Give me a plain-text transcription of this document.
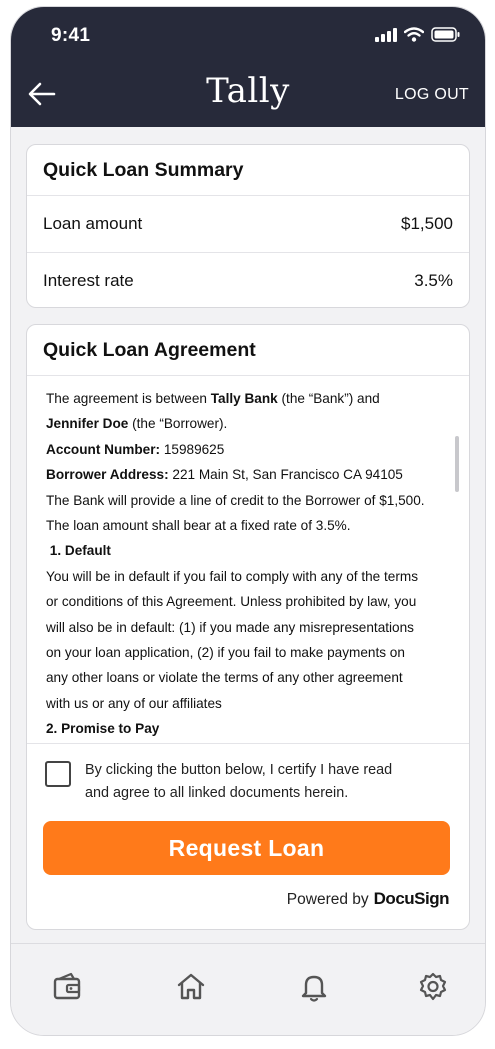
9:41
Tally	LOG OUT
Quick Loan Summary
Loan amount	$1,500
Interest rate	3.5%
Quick Loan Agreement
The agreement is between Tally Bank (the “Bank”) and Jennifer Doe (the “Borrower).
Account Number: 15989625
Borrower Address: 221 Main St, San Francisco CA 94105
The Bank will provide a line of credit to the Borrower of $1,500. The loan amount shall bear at a fixed rate of 3.5%.
1. Default
You will be in default if you fail to comply with any of the terms or conditions of this Agreement. Unless prohibited by law, you will also be in default: (1) if you made any misrepresentations on your loan application, (2) if you fail to make payments on any other loans or violate the terms of any other agreement with us or any of our affiliates
2. Promise to Pay
By clicking the button below, I certify I have read and agree to all linked documents herein.
Request Loan
Powered by DocuSign
